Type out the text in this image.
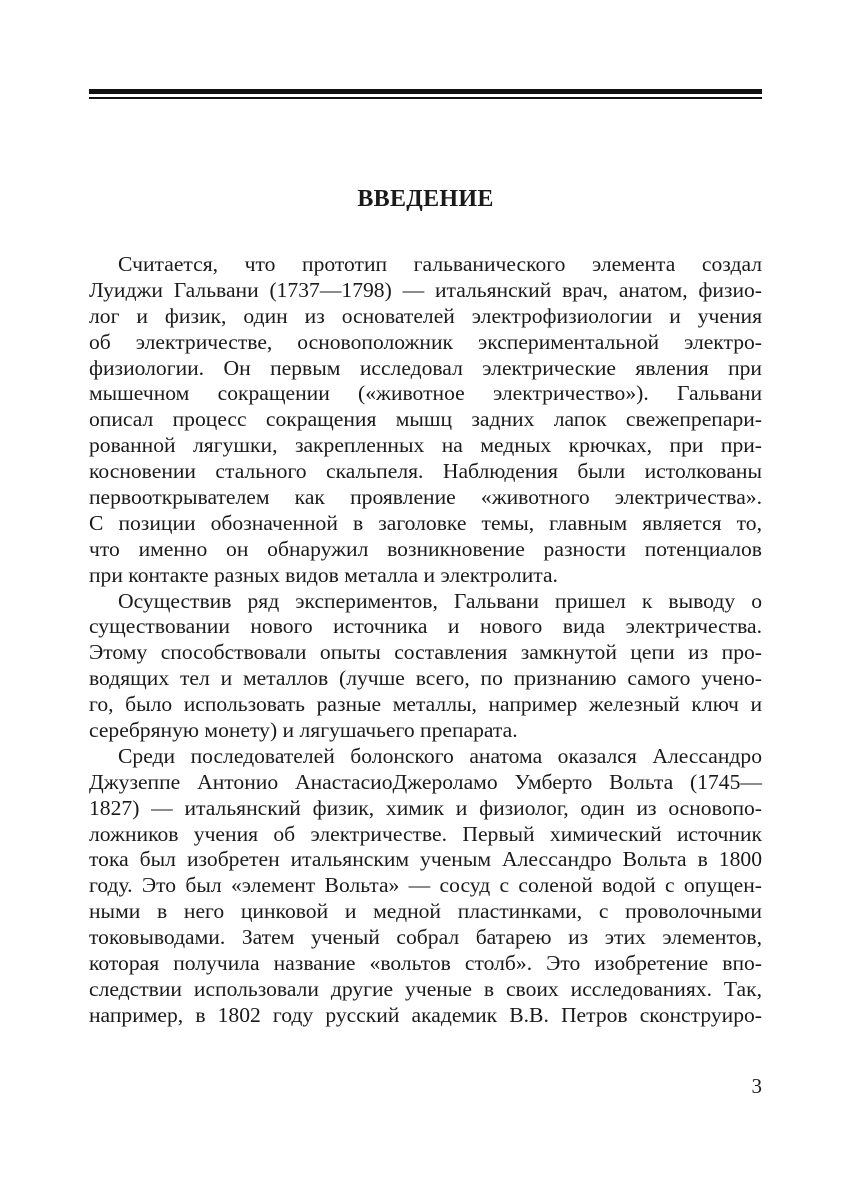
ВВЕДЕНИЕ

Считается, что прототип гальванического элемента создал
Луиджи Гальвани (1737—1798) — итальянский врач, анатом, физио-
лог и физик, один из основателей электрофизиологии и учения
об электричестве, основоположник экспериментальной электро-
физиологии. Он первым исследовал электрические явления при
мышечном сокращении («животное электричество»). Гальвани
описал процесс сокращения мышц задних лапок свежепрепари-
рованной лягушки, закрепленных на медных крючках, при при-
косновении стального скальпеля. Наблюдения были истолкованы
первооткрывателем как проявление «животного электричества».
С позиции обозначенной в заголовке темы, главным является то,
что именно он обнаружил возникновение разности потенциалов
при контакте разных видов металла и электролита.

Осуществив ряд экспериментов, Гальвани пришел к выводу о
существовании нового источника и нового вида электричества.
Этому способствовали опыты составления замкнутой цепи из про-
водящих тел и металлов (лучше всего, по признанию самого учено-
го, было использовать разные металлы, например железный ключ и
серебряную монету) и лягушачьего препарата.

Среди последователей болонского анатома оказался Алессандро
Джузеппе Антонио АнастасиоДжероламо Умберто Вольта (1745—
1827) — итальянский физик, химик и физиолог, один из основопо-
ложников учения об электричестве. Первый химический источник
тока был изобретен итальянским ученым Алессандро Вольта в 1800
году. Это был «элемент Вольта» — сосуд с соленой водой с опущен-
ными в него цинковой и медной пластинками, с проволочными
токовыводами. Затем ученый собрал батарею из этих элементов,
которая получила название «вольтов столб». Это изобретение впо-
следствии использовали другие ученые в своих исследованиях. Так,
например, в 1802 году русский академик В.В. Петров сконструиро-

3
